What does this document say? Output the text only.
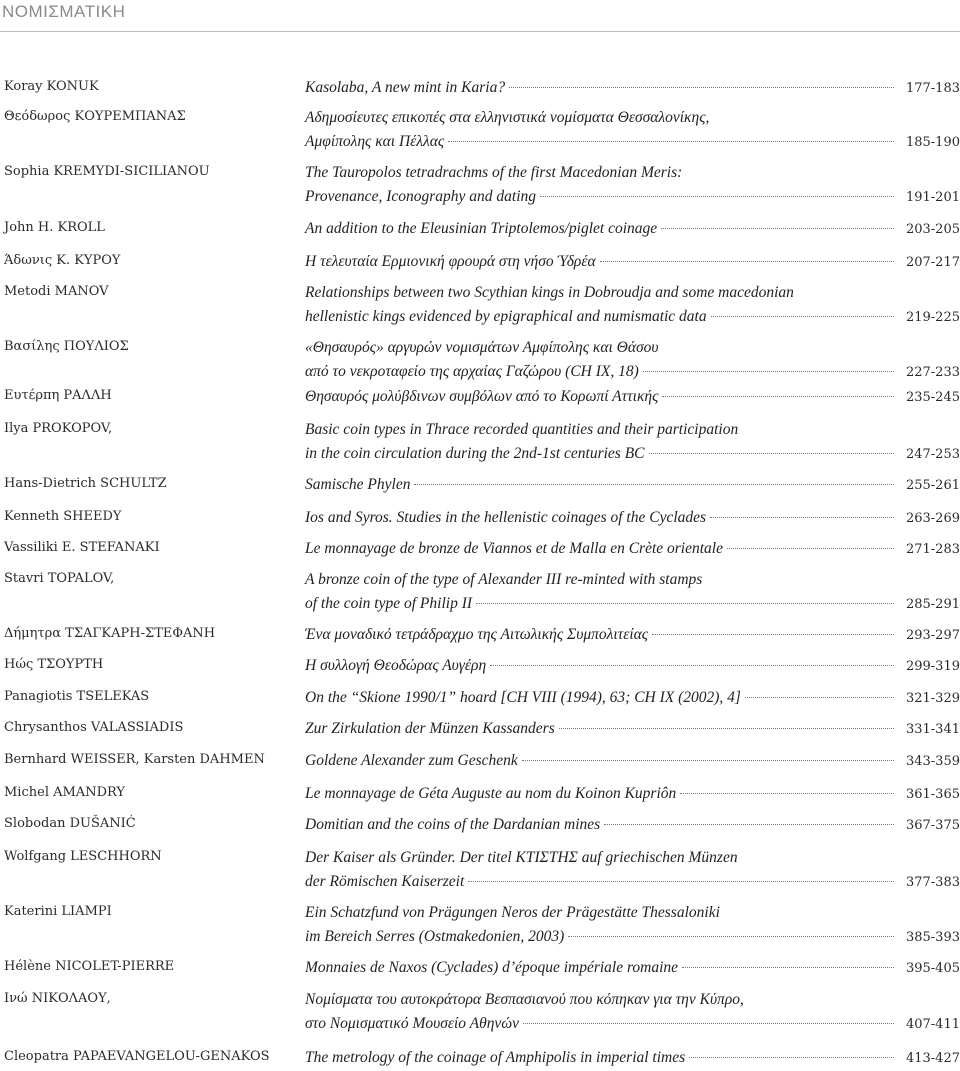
ΝΟΜΙΣΜΑΤΙΚΗ
Koray KONUK	Kasolaba, A new mint in Karia?	177-183
Θεόδωρος ΚΟΥΡΕΜΠΑΝΑΣ	Αδημοσίευτες επικοπές στα ελληνιστικά νομίσματα Θεσσαλονίκης,
Αμφίπολης και Πέλλας	185-190
Sophia KREMYDI-SICILIANOU	The Tauropolos tetradrachms of the first Macedonian Meris:
Provenance, Iconography and dating	191-201
John H. KROLL	An addition to the Eleusinian Triptolemos/piglet coinage	203-205
Άδωνις Κ. ΚΥΡΟΥ	Η τελευταία Ερμιονική φρουρά στη νήσο Ύδρέα	207-217
Metodi MANOV	Relationships between two Scythian kings in Dobroudja and some macedonian
hellenistic kings evidenced by epigraphical and numismatic data	219-225
Βασίλης ΠΟΥΛΙΟΣ	«Θησαυρός» αργυρών νομισμάτων Αμφίπολης και Θάσου
από το νεκροταφείο της αρχαίας Γαζώρου (CH IX, 18)	227-233
Ευτέρπη ΡΑΛΛΗ	Θησαυρός μολύβδινων συμβόλων από το Κορωπί Αττικής	235-245
Ilya PROKOPOV,	Basic coin types in Thrace recorded quantities and their participation
in the coin circulation during the 2nd-1st centuries BC	247-253
Hans-Dietrich SCHULTZ	Samische Phylen	255-261
Kenneth SHEEDY	Ios and Syros. Studies in the hellenistic coinages of the Cyclades	263-269
Vassiliki E. STEFANAKI	Le monnayage de bronze de Viannos et de Malla en Crète orientale	271-283
Stavri TOPALOV,	A bronze coin of the type of Alexander III re-minted with stamps
of the coin type of Philip II	285-291
Δήμητρα ΤΣΑΓΚΑΡΗ-ΣΤΕΦΑΝΗ	Ένα μοναδικό τετράδραχμο της Αιτωλικής Συμπολιτείας	293-297
Ηώς ΤΣΟΥΡΤΗ	Η συλλογή Θεοδώρας Αυγέρη	299-319
Panagiotis TSELEKAS	On the “Skione 1990/1” hoard [CH VIII (1994), 63; CH IX (2002), 4]	321-329
Chrysanthos VALASSIADIS	Zur Zirkulation der Münzen Kassanders	331-341
Bernhard WEISSER, Karsten DAHMEN	Goldene Alexander zum Geschenk	343-359
Michel AMANDRY	Le monnayage de Géta Auguste au nom du Koinon Kupriôn	361-365
Slobodan DUŠANIĆ	Domitian and the coins of the Dardanian mines	367-375
Wolfgang LESCHHORN	Der Kaiser als Gründer. Der titel ΚΤΙΣΤΗΣ auf griechischen Münzen
der Römischen Kaiserzeit	377-383
Katerini LIAMPI	Ein Schatzfund von Prägungen Neros der Prägestätte Thessaloniki
im Bereich Serres (Ostmakedonien, 2003)	385-393
Hélène NICOLET-PIERRE	Monnaies de Naxos (Cyclades) d’époque impériale romaine	395-405
Ινώ ΝΙΚΟΛΑΟΥ,	Νομίσματα του αυτοκράτορα Βεσπασιανού που κόπηκαν για την Κύπρο,
στο Νομισματικό Μουσείο Αθηνών	407-411
Cleopatra PAPAEVANGELOU-GENAKOS The metrology of the coinage of Amphipolis in imperial times	413-427
